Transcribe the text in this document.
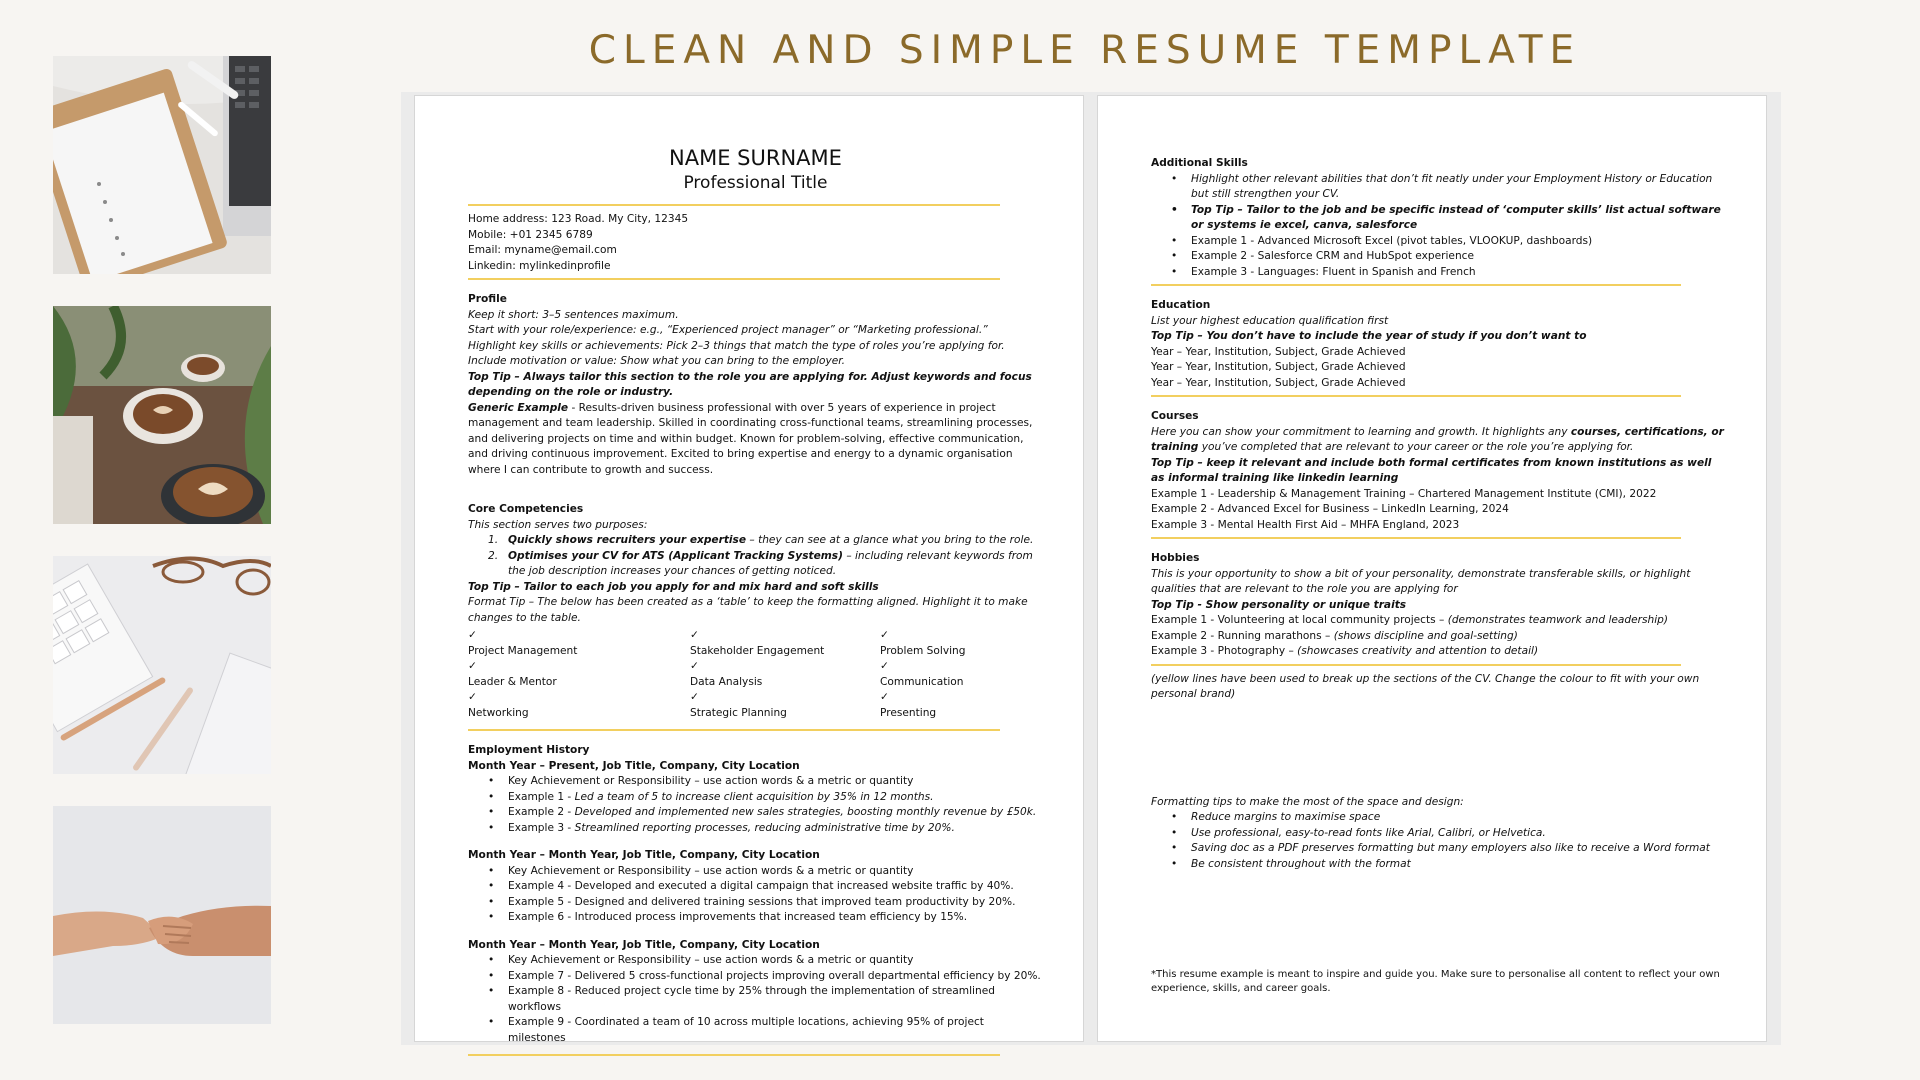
CLEAN AND SIMPLE RESUME TEMPLATE
NAME SURNAME
Professional Title
Home address: 123 Road. My City, 12345
Mobile: +01 2345 6789
Email: myname@email.com
Linkedin: mylinkedinprofile
Profile
Keep it short: 3–5 sentences maximum.
Start with your role/experience: e.g., “Experienced project manager” or “Marketing professional.”
Highlight key skills or achievements: Pick 2–3 things that match the type of roles you’re applying for.
Include motivation or value: Show what you can bring to the employer.
Top Tip – Always tailor this section to the role you are applying for. Adjust keywords and focus depending on the role or industry.
Generic Example - Results-driven business professional with over 5 years of experience in project management and team leadership. Skilled in coordinating cross-functional teams, streamlining processes, and delivering projects on time and within budget. Known for problem-solving, effective communication, and driving continuous improvement. Excited to bring expertise and energy to a dynamic organisation where I can contribute to growth and success.
Core Competencies
This section serves two purposes:
1. Quickly shows recruiters your expertise – they can see at a glance what you bring to the role.
2. Optimises your CV for ATS (Applicant Tracking Systems) – including relevant keywords from the job description increases your chances of getting noticed.
Top Tip – Tailor to each job you apply for and mix hard and soft skills
Format Tip – The below has been created as a ‘table’ to keep the formatting aligned. Highlight it to make changes to the table.
✓
Project Management
✓
Stakeholder Engagement
✓
Problem Solving
✓
Leader & Mentor
✓
Data Analysis
✓
Communication
✓
Networking
✓
Strategic Planning
✓
Presenting
Employment History
Month Year – Present, Job Title, Company, City Location
• Key Achievement or Responsibility – use action words & a metric or quantity
• Example 1 - Led a team of 5 to increase client acquisition by 35% in 12 months.
• Example 2 - Developed and implemented new sales strategies, boosting monthly revenue by £50k.
• Example 3 - Streamlined reporting processes, reducing administrative time by 20%.
Month Year – Month Year, Job Title, Company, City Location
• Key Achievement or Responsibility – use action words & a metric or quantity
• Example 4 - Developed and executed a digital campaign that increased website traffic by 40%.
• Example 5 - Designed and delivered training sessions that improved team productivity by 20%.
• Example 6 - Introduced process improvements that increased team efficiency by 15%.
Month Year – Month Year, Job Title, Company, City Location
• Key Achievement or Responsibility – use action words & a metric or quantity
• Example 7 - Delivered 5 cross-functional projects improving overall departmental efficiency by 20%.
• Example 8 - Reduced project cycle time by 25% through the implementation of streamlined workflows
• Example 9 - Coordinated a team of 10 across multiple locations, achieving 95% of project milestones
Additional Skills
• Highlight other relevant abilities that don’t fit neatly under your Employment History or Education but still strengthen your CV.
• Top Tip – Tailor to the job and be specific instead of ‘computer skills’ list actual software or systems ie excel, canva, salesforce
• Example 1 - Advanced Microsoft Excel (pivot tables, VLOOKUP, dashboards)
• Example 2 - Salesforce CRM and HubSpot experience
• Example 3 - Languages: Fluent in Spanish and French
Education
List your highest education qualification first
Top Tip – You don’t have to include the year of study if you don’t want to
Year – Year, Institution, Subject, Grade Achieved
Year – Year, Institution, Subject, Grade Achieved
Year – Year, Institution, Subject, Grade Achieved
Courses
Here you can show your commitment to learning and growth. It highlights any courses, certifications, or training you’ve completed that are relevant to your career or the role you’re applying for.
Top Tip – keep it relevant and include both formal certificates from known institutions as well as informal training like linkedin learning
Example 1 - Leadership & Management Training – Chartered Management Institute (CMI), 2022
Example 2 - Advanced Excel for Business – LinkedIn Learning, 2024
Example 3 - Mental Health First Aid – MHFA England, 2023
Hobbies
This is your opportunity to show a bit of your personality, demonstrate transferable skills, or highlight qualities that are relevant to the role you are applying for
Top Tip - Show personality or unique traits
Example 1 - Volunteering at local community projects – (demonstrates teamwork and leadership)
Example 2 - Running marathons – (shows discipline and goal-setting)
Example 3 - Photography – (showcases creativity and attention to detail)
(yellow lines have been used to break up the sections of the CV. Change the colour to fit with your own personal brand)
Formatting tips to make the most of the space and design:
• Reduce margins to maximise space
• Use professional, easy-to-read fonts like Arial, Calibri, or Helvetica.
• Saving doc as a PDF preserves formatting but many employers also like to receive a Word format
• Be consistent throughout with the format
*This resume example is meant to inspire and guide you. Make sure to personalise all content to reflect your own experience, skills, and career goals.
